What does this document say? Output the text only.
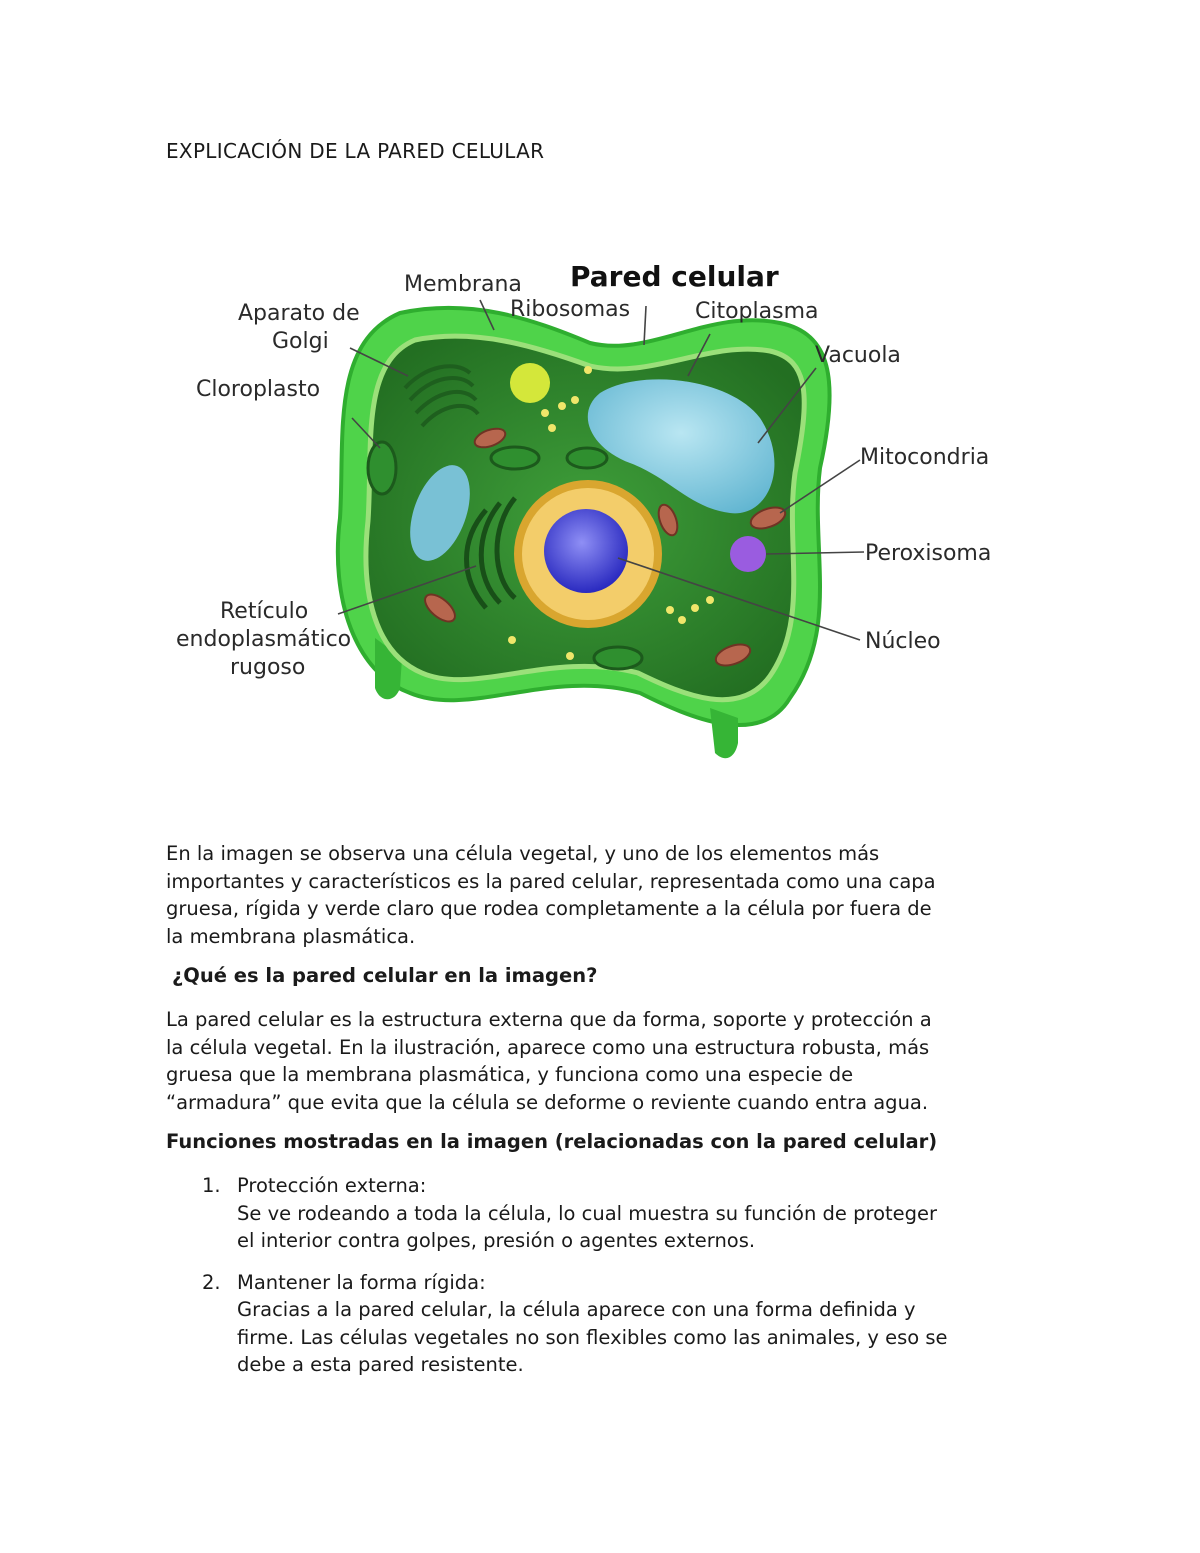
EXPLICACIÓN DE LA PARED CELULAR
Pared celular
Membrana
Ribosomas	Citoplasma
Vacuola
Aparato de
Golgi
Cloroplasto
Mitocondria
Peroxisoma
Núcleo
Retículo
endoplasmático
rugoso
En la imagen se observa una célula vegetal, y uno de los elementos más
importantes y característicos es la pared celular, representada como una capa
gruesa, rígida y verde claro que rodea completamente a la célula por fuera de
la membrana plasmática.
¿Qué es la pared celular en la imagen?
La pared celular es la estructura externa que da forma, soporte y protección a
la célula vegetal. En la ilustración, aparece como una estructura robusta, más
gruesa que la membrana plasmática, y funciona como una especie de
“armadura” que evita que la célula se deforme o reviente cuando entra agua.
Funciones mostradas en la imagen (relacionadas con la pared celular)
1. Protección externa:
Se ve rodeando a toda la célula, lo cual muestra su función de proteger
el interior contra golpes, presión o agentes externos.
2. Mantener la forma rígida:
Gracias a la pared celular, la célula aparece con una forma definida y
firme. Las células vegetales no son flexibles como las animales, y eso se
debe a esta pared resistente.
